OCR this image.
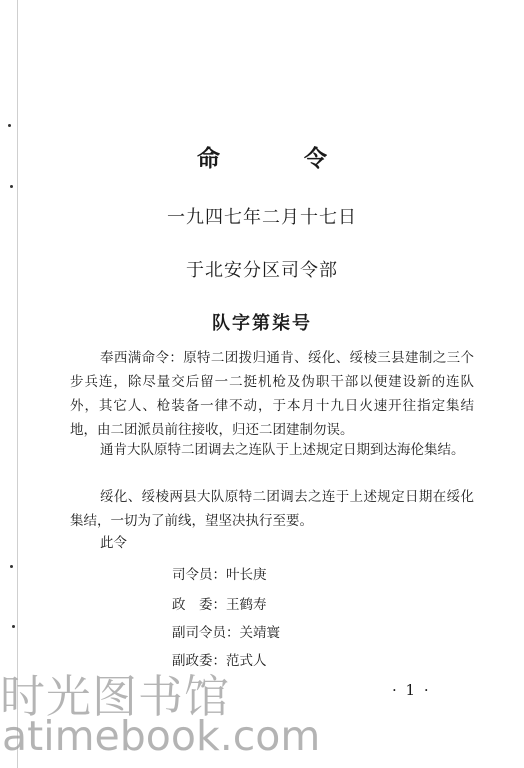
命 令
一九四七年二月十七日
于北安分区司令部
队字第柒号
奉西满命令：原特二团拨归通肯、绥化、绥棱三县建制之三个步兵连，除尽量交后留一二挺机枪及伪职干部以便建设新的连队外，其它人、枪装备一律不动，于本月十九日火速开往指定集结地，由二团派员前往接收，归还二团建制勿误。
通肯大队原特二团调去之连队于上述规定日期到达海伦集结。
绥化、绥棱两县大队原特二团调去之连于上述规定日期在绥化集结，一切为了前线，望坚决执行至要。
此令
司令员：叶长庚
政　委：王鹤寿
副司令员：关靖寰
副政委：范式人
· 1 ·
时光图书馆
atimebook.com
